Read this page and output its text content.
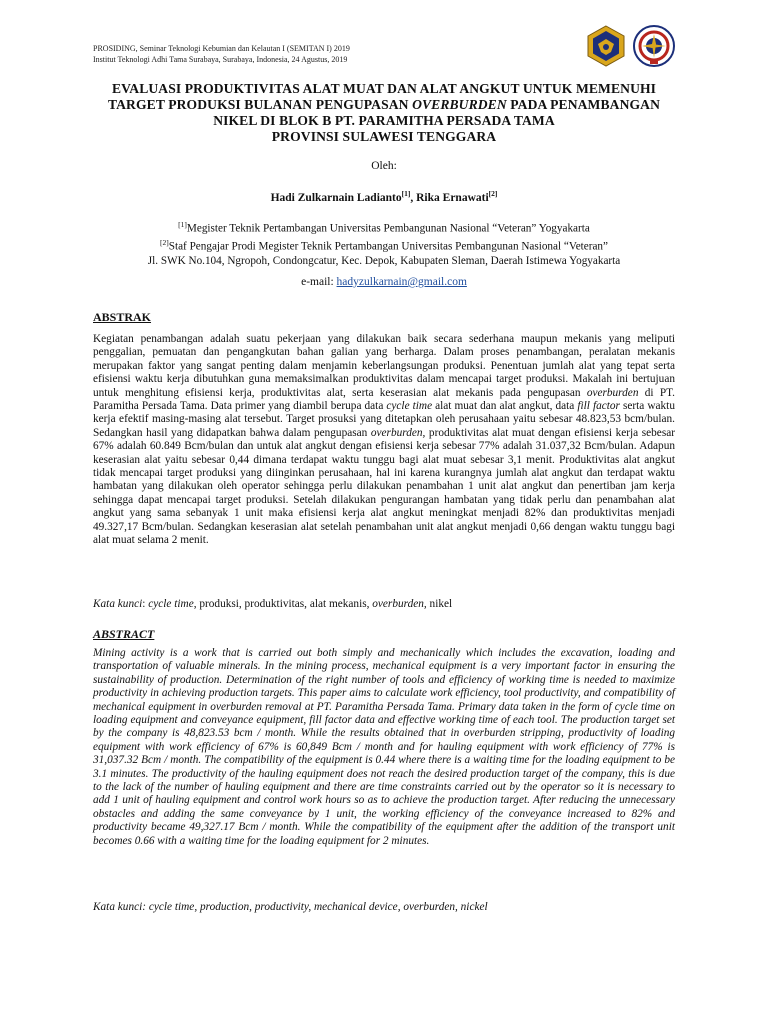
PROSIDING, Seminar Teknologi Kebumian dan Kelautan I (SEMITAN I) 2019
Institut Teknologi Adhi Tama Surabaya, Surabaya, Indonesia, 24 Agustus, 2019
EVALUASI PRODUKTIVITAS ALAT MUAT DAN ALAT ANGKUT UNTUK MEMENUHI
TARGET PRODUKSI BULANAN PENGUPASAN OVERBURDEN PADA PENAMBANGAN
NIKEL DI BLOK B PT. PARAMITHA PERSADA TAMA
PROVINSI SULAWESI TENGGARA
Oleh:
Hadi Zulkarnain Ladianto[1], Rika Ernawati[2]
[1]Megister Teknik Pertambangan Universitas Pembangunan Nasional “Veteran” Yogyakarta
[2]Staf Pengajar Prodi Megister Teknik Pertambangan Universitas Pembangunan Nasional “Veteran”
Jl. SWK No.104, Ngropoh, Condongcatur, Kec. Depok, Kabupaten Sleman, Daerah Istimewa Yogyakarta
e-mail: hadyzulkarnain@gmail.com
ABSTRAK
Kegiatan penambangan adalah suatu pekerjaan yang dilakukan baik secara sederhana maupun mekanis yang meliputi penggalian, pemuatan dan pengangkutan bahan galian yang berharga. Dalam proses penambangan, peralatan mekanis merupakan faktor yang sangat penting dalam menjamin keberlangsungan produksi. Penentuan jumlah alat yang tepat serta efisiensi waktu kerja dibutuhkan guna memaksimalkan produktivitas dalam mencapai target produksi. Makalah ini bertujuan untuk menghitung efisiensi kerja, produktivitas alat, serta keserasian alat mekanis pada pengupasan overburden di PT. Paramitha Persada Tama. Data primer yang diambil berupa data cycle time alat muat dan alat angkut, data fill factor serta waktu kerja efektif masing-masing alat tersebut. Target prosuksi yang ditetapkan oleh perusahaan yaitu sebesar 48.823,53 bcm/bulan. Sedangkan hasil yang didapatkan bahwa dalam pengupasan overburden, produktivitas alat muat dengan efisiensi kerja sebesar 67% adalah 60.849 Bcm/bulan dan untuk alat angkut dengan efisiensi kerja sebesar 77% adalah 31.037,32 Bcm/bulan. Adapun keserasian alat yaitu sebesar 0,44 dimana terdapat waktu tunggu bagi alat muat sebesar 3,1 menit. Produktivitas alat angkut tidak mencapai target produksi yang diinginkan perusahaan, hal ini karena kurangnya jumlah alat angkut dan terdapat waktu hambatan yang dilakukan oleh operator sehingga perlu dilakukan penambahan 1 unit alat angkut dan penertiban jam kerja sehingga dapat mencapai target produksi. Setelah dilakukan pengurangan hambatan yang tidak perlu dan penambahan alat angkut yang sama sebanyak 1 unit maka efisiensi kerja alat angkut meningkat menjadi 82% dan produktivitas menjadi 49.327,17 Bcm/bulan. Sedangkan keserasian alat setelah penambahan unit alat angkut menjadi 0,66 dengan waktu tunggu bagi alat muat selama 2 menit.
Kata kunci: cycle time, produksi, produktivitas, alat mekanis, overburden, nikel
ABSTRACT
Mining activity is a work that is carried out both simply and mechanically which includes the excavation, loading and transportation of valuable minerals. In the mining process, mechanical equipment is a very important factor in ensuring the sustainability of production. Determination of the right number of tools and efficiency of working time is needed to maximize productivity in achieving production targets. This paper aims to calculate work efficiency, tool productivity, and compatibility of mechanical equipment in overburden removal at PT. Paramitha Persada Tama. Primary data taken in the form of cycle time on loading equipment and conveyance equipment, fill factor data and effective working time of each tool. The production target set by the company is 48,823.53 bcm / month. While the results obtained that in overburden stripping, productivity of loading equipment with work efficiency of 67% is 60,849 Bcm / month and for hauling equipment with work efficiency of 77% is 31,037.32 Bcm / month. The compatibility of the equipment is 0.44 where there is a waiting time for the loading equipment to be 3.1 minutes. The productivity of the hauling equipment does not reach the desired production target of the company, this is due to the lack of the number of hauling equipment and there are time constraints carried out by the operator so it is necessary to add 1 unit of hauling equipment and control work hours so as to achieve the production target. After reducing the unnecessary obstacles and adding the same conveyance by 1 unit, the working efficiency of the conveyance increased to 82% and productivity became 49,327.17 Bcm / month. While the compatibility of the equipment after the addition of the transport unit becomes 0.66 with a waiting time for the loading equipment for 2 minutes.
Kata kunci: cycle time, production, productivity, mechanical device, overburden, nickel
